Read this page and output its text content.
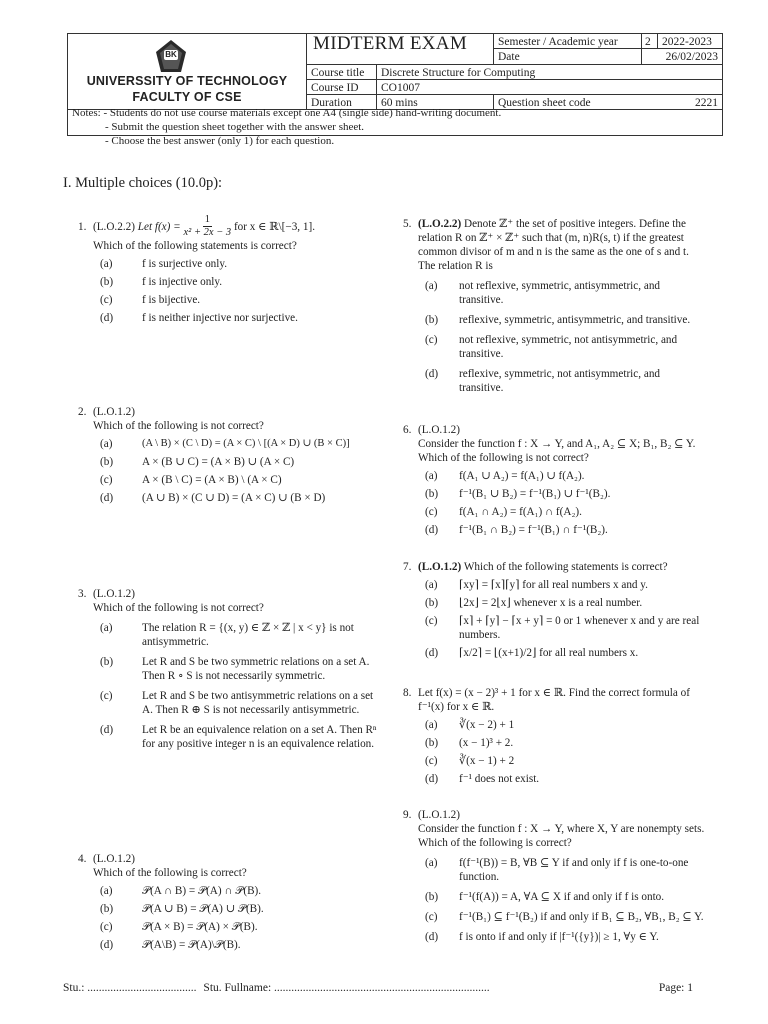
BK
UNIVERSSITY OF TECHNOLOGY
FACULTY OF CSE
MIDTERM EXAM	Semester / Academic year	2 2022-2023
Date	26/02/2023
Course title	Discrete Structure for Computing
Course ID	CO1007
Duration	60 mins	Question sheet code	2221
Notes: - Students do not use course materials except one A4 (single side) hand-writing document.
- Submit the question sheet together with the answer sheet.
- Choose the best answer (only 1) for each question.
I. Multiple choices (10.0p):
1. (L.O.2.2)
Let f(x) =
$\frac{1}{\text{x² + 2x − 3}}$
for x ∈ ℝ\[−3, 1].
Which of the following statements is correct?
(a)	f is surjective only.
(b)	f is injective only.
(c)	f is bijective.
(d)	f is neither injective nor surjective.
2. (L.O.1.2)
Which of the following is not correct?
(a)	(A \ B) × (C \ D) = (A × C) \ [(A × D) ∪ (B × C)]
(b)	A × (B ∪ C) = (A × B) ∪ (A × C)
(c)	A × (B \ C) = (A × B) \ (A × C)
(d)	(A ∪ B) × (C ∪ D) = (A × C) ∪ (B × D)
3. (L.O.1.2)
Which of the following is not correct?
(a)	The relation R = {(x, y) ∈ ℤ × ℤ | x < y} is not antisymmetric.
(b)	Let R and S be two symmetric relations on a set A. Then R ∘ S is not necessarily symmetric.
(c)	Let R and S be two antisymmetric relations on a set A. Then R ⊕ S is not necessarily antisymmetric.
(d)	Let R be an equivalence relation on a set A. Then Rⁿ for any positive integer n is an equivalence relation.
4. (L.O.1.2)
Which of the following is correct?
(a)	𝒫(A ∩ B) = 𝒫(A) ∩ 𝒫(B).
(b)	𝒫(A ∪ B) = 𝒫(A) ∪ 𝒫(B).
(c)	𝒫(A × B) = 𝒫(A) × 𝒫(B).
(d)	𝒫(A\B) = 𝒫(A)\𝒫(B).
5. (L.O.2.2) Denote ℤ⁺ the set of positive integers. Define the relation R on ℤ⁺ × ℤ⁺ such that (m, n)R(s, t) if the greatest common divisor of m and n is the same as the one of s and t. The relation R is
(a)	not reflexive, symmetric, antisymmetric, and transitive.
(b)	reflexive, symmetric, antisymmetric, and transitive.
(c)	not reflexive, symmetric, not antisymmetric, and transitive.
(d)	reflexive, symmetric, not antisymmetric, and transitive.
6. (L.O.1.2)
Consider the function f : X → Y, and A₁, A₂ ⊆ X; B₁, B₂ ⊆ Y. Which of the following is not correct?
(a)	f(A₁ ∪ A₂) = f(A₁) ∪ f(A₂).
(b)	f⁻¹(B₁ ∪ B₂) = f⁻¹(B₁) ∪ f⁻¹(B₂).
(c)	f(A₁ ∩ A₂) = f(A₁) ∩ f(A₂).
(d)	f⁻¹(B₁ ∩ B₂) = f⁻¹(B₁) ∩ f⁻¹(B₂).
7. (L.O.1.2) Which of the following statements is correct?
(a)	⌈xy⌉ = ⌈x⌉⌈y⌉ for all real numbers x and y.
(b)	⌊2x⌋ = 2⌊x⌋ whenever x is a real number.
(c)	⌈x⌉ + ⌈y⌉ − ⌈x + y⌉ = 0 or 1 whenever x and y are real numbers.
(d)	⌈x/2⌉ = ⌊(x+1)/2⌋ for all real numbers x.
8. Let f(x) = (x − 2)³ + 1 for x ∈ ℝ. Find the correct formula of f⁻¹(x) for x ∈ ℝ.
(a)	∛(x − 2) + 1
(b)	(x − 1)³ + 2.
(c)	∛(x − 1) + 2
(d)	f⁻¹ does not exist.
9. (L.O.1.2)
Consider the function f : X → Y, where X, Y are nonempty sets. Which of the following is correct?
(a)	f(f⁻¹(B)) = B, ∀B ⊆ Y if and only if f is one-to-one function.
(b)	f⁻¹(f(A)) = A, ∀A ⊆ X if and only if f is onto.
(c)	f⁻¹(B₁) ⊆ f⁻¹(B₂) if and only if B₁ ⊆ B₂, ∀B₁, B₂ ⊆ Y.
(d)	f is onto if and only if |f⁻¹({y})| ≥ 1, ∀y ∈ Y.
Stu.: ...................................... Stu. Fullname: ...........................................................................	Page: 1
